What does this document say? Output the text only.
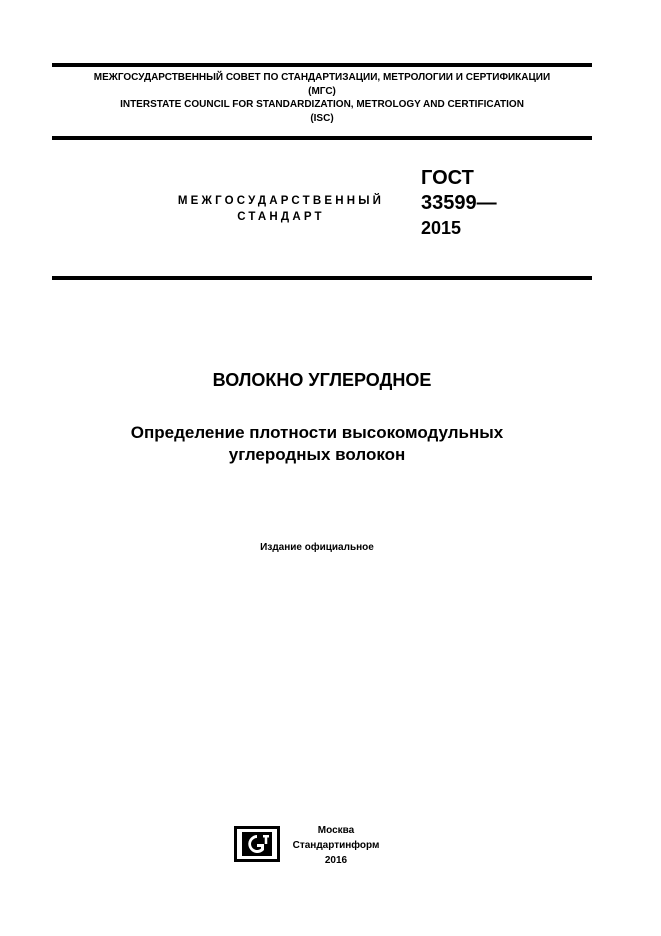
МЕЖГОСУДАРСТВЕННЫЙ СОВЕТ ПО СТАНДАРТИЗАЦИИ, МЕТРОЛОГИИ И СЕРТИФИКАЦИИ
(МГС)
INTERSTATE COUNCIL FOR STANDARDIZATION, METROLOGY AND CERTIFICATION
(ISC)
МЕЖГОСУДАРСТВЕННЫЙ
СТАНДАРТ
ГОСТ
33599—
2015
ВОЛОКНО УГЛЕРОДНОЕ
Определение плотности высокомодульных
углеродных волокон
Издание официальное
Москва
Стандартинформ
2016
